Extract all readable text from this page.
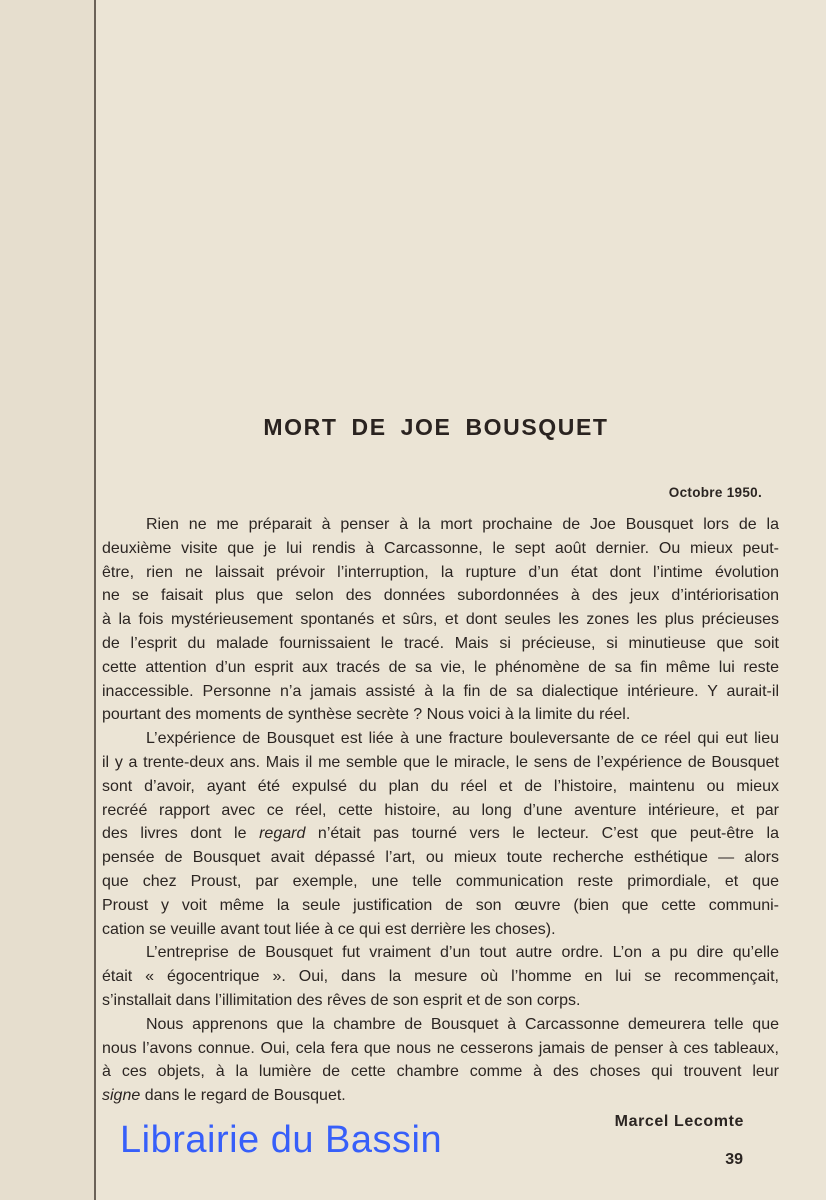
MORT DE JOE BOUSQUET
Octobre 1950.
Rien ne me préparait à penser à la mort prochaine de Joe Bousquet lors de la
deuxième visite que je lui rendis à Carcassonne, le sept août dernier. Ou mieux peut-
être, rien ne laissait prévoir l’interruption, la rupture d’un état dont l’intime évolution
ne se faisait plus que selon des données subordonnées à des jeux d’intériorisation
à la fois mystérieusement spontanés et sûrs, et dont seules les zones les plus précieuses
de l’esprit du malade fournissaient le tracé. Mais si précieuse, si minutieuse que soit
cette attention d’un esprit aux tracés de sa vie, le phénomène de sa fin même lui reste
inaccessible. Personne n’a jamais assisté à la fin de sa dialectique intérieure. Y aurait-il
pourtant des moments de synthèse secrète ? Nous voici à la limite du réel.
L’expérience de Bousquet est liée à une fracture bouleversante de ce réel qui eut lieu
il y a trente-deux ans. Mais il me semble que le miracle, le sens de l’expérience de Bousquet
sont d’avoir, ayant été expulsé du plan du réel et de l’histoire, maintenu ou mieux
recréé rapport avec ce réel, cette histoire, au long d’une aventure intérieure, et par
des livres dont le regard n’était pas tourné vers le lecteur. C’est que peut-être la
pensée de Bousquet avait dépassé l’art, ou mieux toute recherche esthétique — alors
que chez Proust, par exemple, une telle communication reste primordiale, et que
Proust y voit même la seule justification de son œuvre (bien que cette communi-
cation se veuille avant tout liée à ce qui est derrière les choses).
L’entreprise de Bousquet fut vraiment d’un tout autre ordre. L’on a pu dire qu’elle
était « égocentrique ». Oui, dans la mesure où l’homme en lui se recommençait,
s’installait dans l’illimitation des rêves de son esprit et de son corps.
Nous apprenons que la chambre de Bousquet à Carcassonne demeurera telle que
nous l’avons connue. Oui, cela fera que nous ne cesserons jamais de penser à ces tableaux,
à ces objets, à la lumière de cette chambre comme à des choses qui trouvent leur
signe dans le regard de Bousquet.
Marcel Lecomte
39
Librairie du Bassin
